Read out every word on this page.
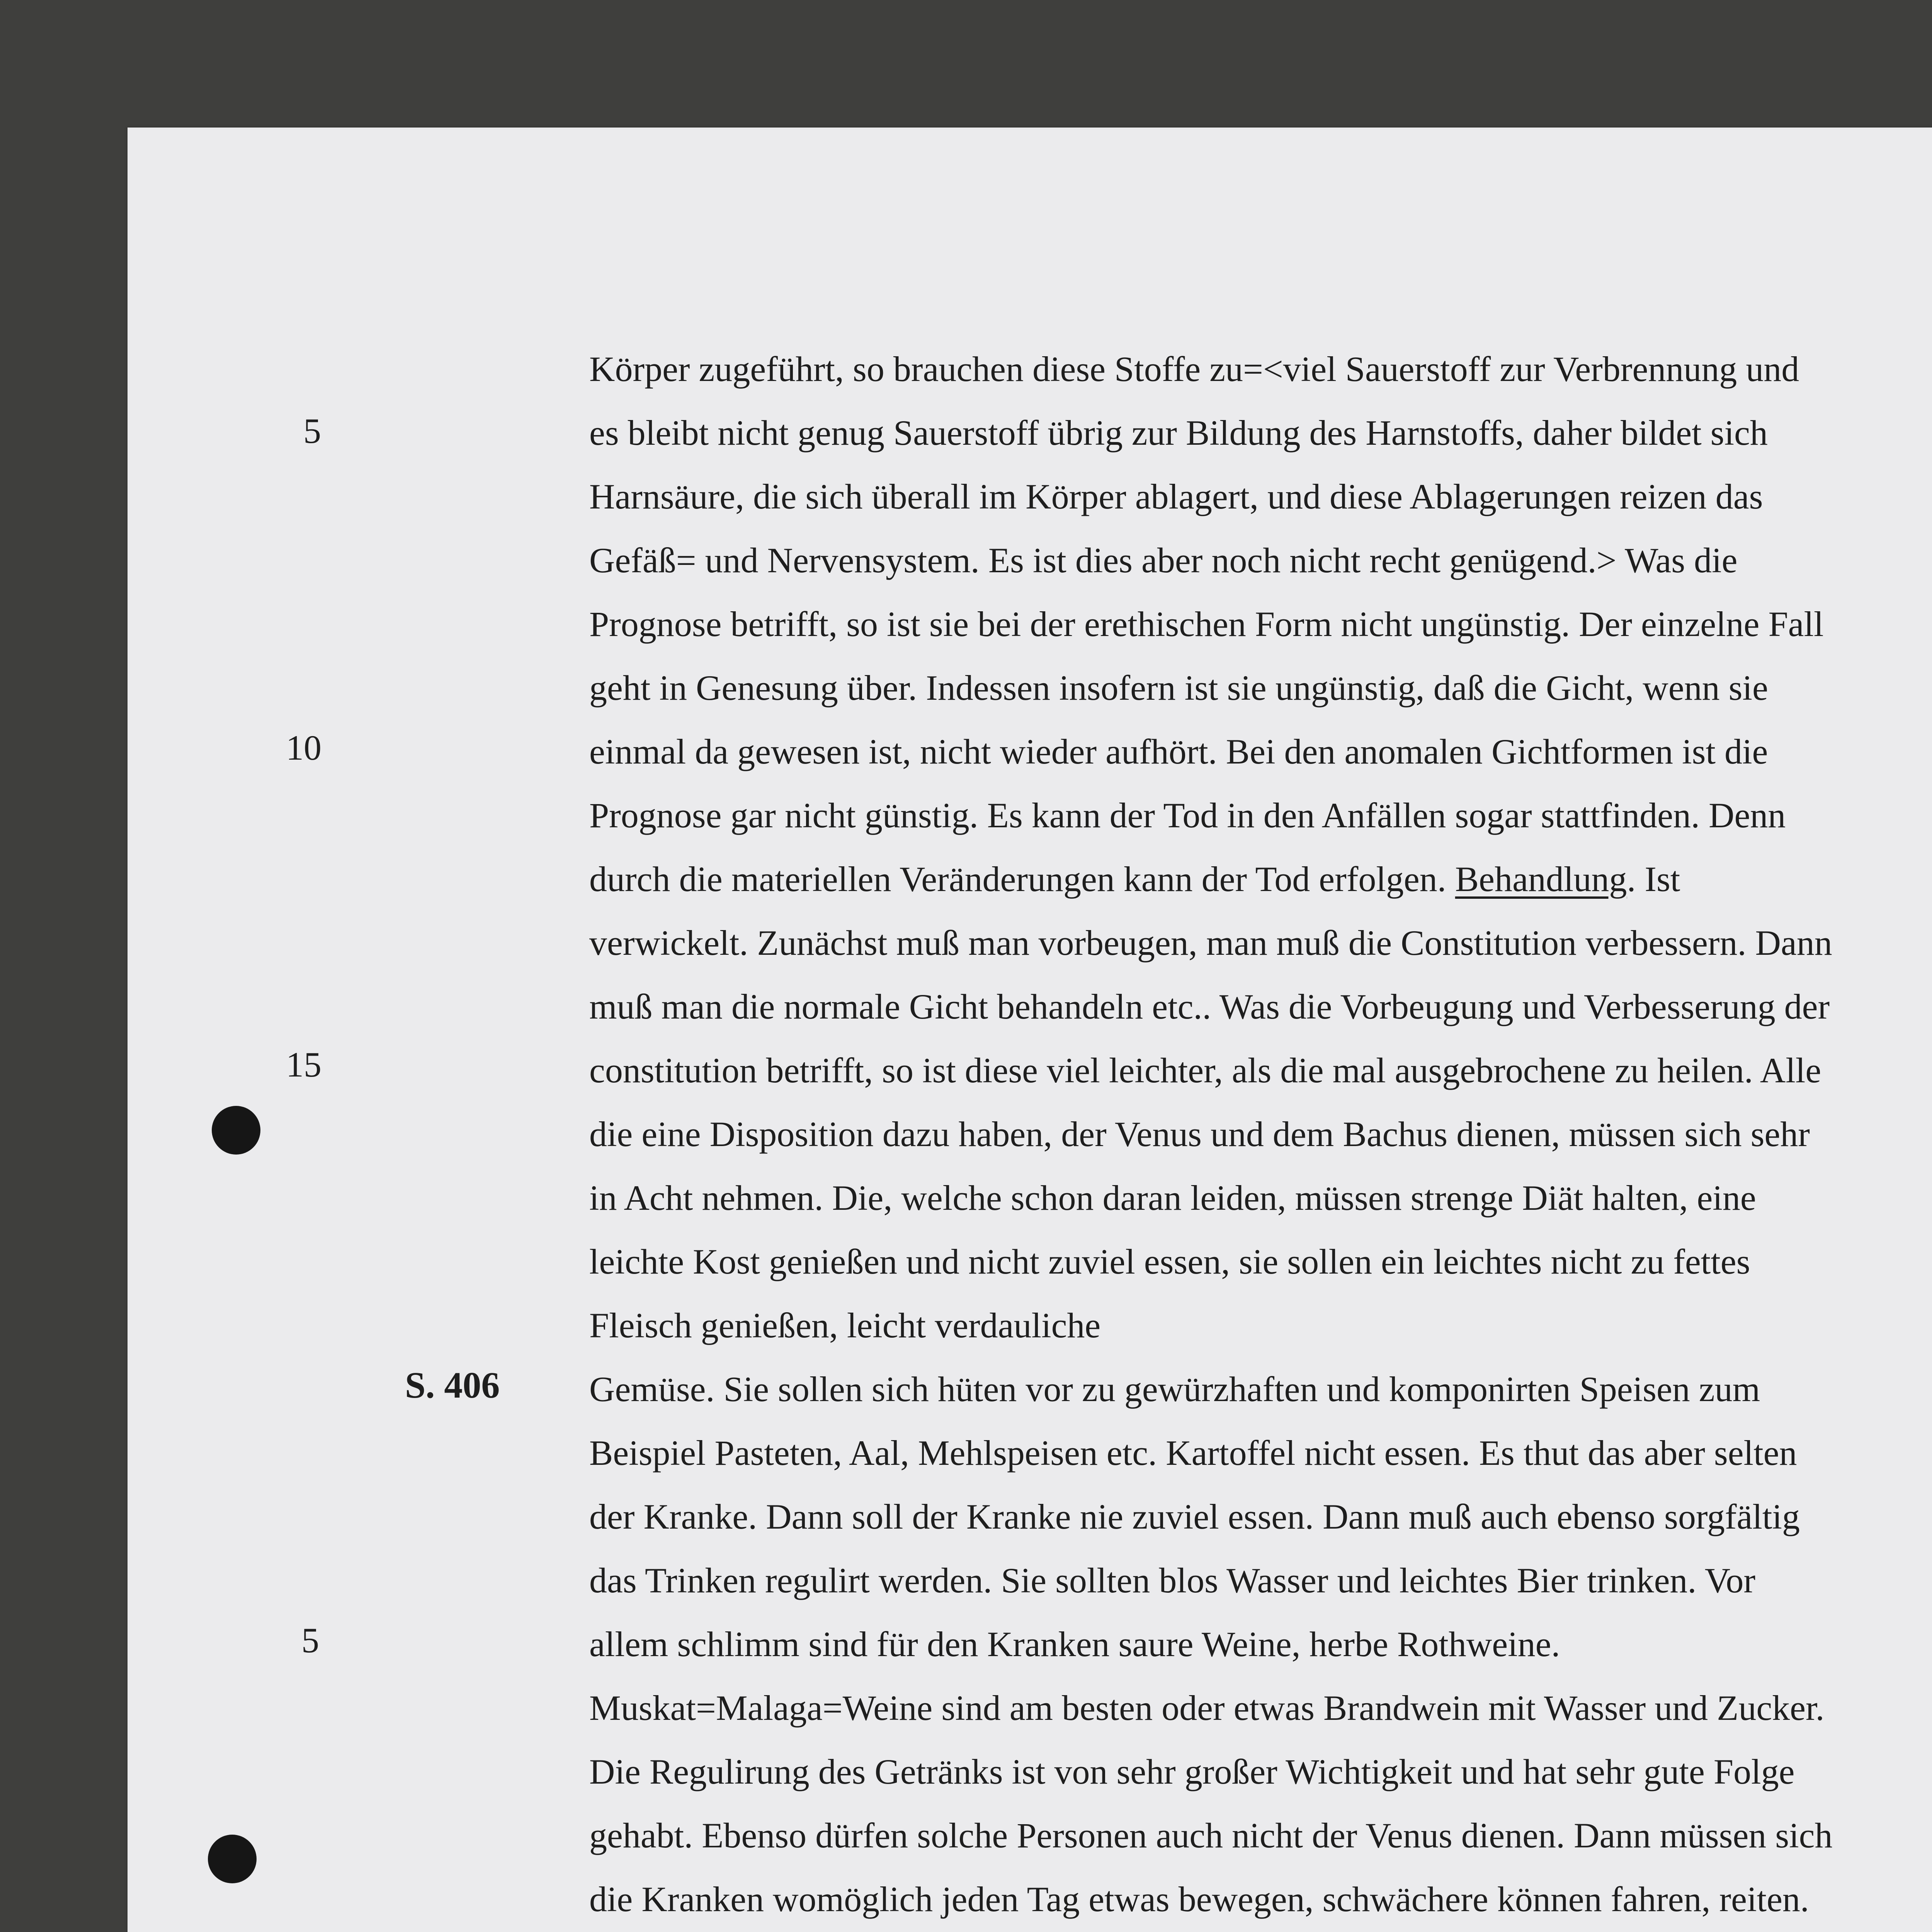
5
10
15
5
S. 406
Körper zugeführt, so brauchen diese Stoffe zu=<viel Sauerstoff zur Verbrennung und
es bleibt nicht genug Sauerstoff übrig zur Bildung des Harnstoffs, daher bildet sich
Harnsäure, die sich überall im Körper ablagert, und diese Ablagerungen reizen das
Gefäß= und Nervensystem. Es ist dies aber noch nicht recht genügend.> Was die
Prognose betrifft, so ist sie bei der erethischen Form nicht ungünstig. Der einzelne Fall
geht in Genesung über. Indessen insofern ist sie ungünstig, daß die Gicht, wenn sie
einmal da gewesen ist, nicht wieder aufhört. Bei den anomalen Gichtformen ist die
Prognose gar nicht günstig. Es kann der Tod in den Anfällen sogar stattfinden. Denn
durch die materiellen Veränderungen kann der Tod erfolgen. Behandlung. Ist
verwickelt. Zunächst muß man vorbeugen, man muß die Constitution verbessern. Dann
muß man die normale Gicht behandeln etc.. Was die Vorbeugung und Verbesserung der
constitution betrifft, so ist diese viel leichter, als die mal ausgebrochene zu heilen. Alle
die eine Disposition dazu haben, der Venus und dem Bachus dienen, müssen sich sehr
in Acht nehmen. Die, welche schon daran leiden, müssen strenge Diät halten, eine
leichte Kost genießen und nicht zuviel essen, sie sollen ein leichtes nicht zu fettes
Fleisch genießen, leicht verdauliche
Gemüse. Sie sollen sich hüten vor zu gewürzhaften und komponirten Speisen zum
Beispiel Pasteten, Aal, Mehlspeisen etc. Kartoffel nicht essen. Es thut das aber selten
der Kranke. Dann soll der Kranke nie zuviel essen. Dann muß auch ebenso sorgfältig
das Trinken regulirt werden. Sie sollten blos Wasser und leichtes Bier trinken. Vor
allem schlimm sind für den Kranken saure Weine, herbe Rothweine.
Muskat=Malaga=Weine sind am besten oder etwas Brandwein mit Wasser und Zucker.
Die Regulirung des Getränks ist von sehr großer Wichtigkeit und hat sehr gute Folge
gehabt. Ebenso dürfen solche Personen auch nicht der Venus dienen. Dann müssen sich
die Kranken womöglich jeden Tag etwas bewegen, schwächere können fahren, reiten.
